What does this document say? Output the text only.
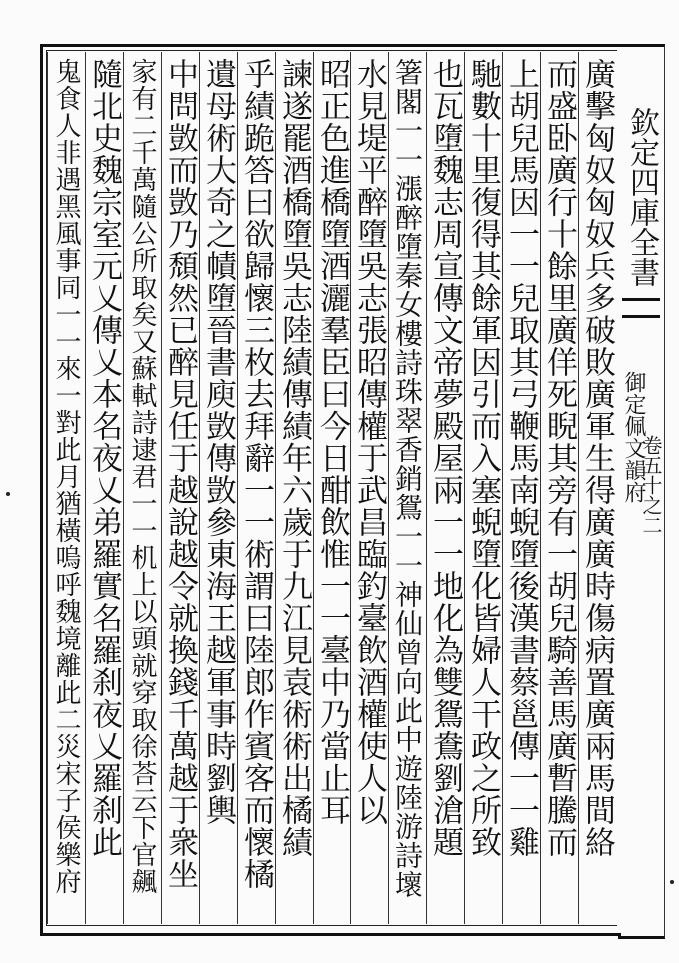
欽定四庫全書
御定佩文韻府
卷五十之二
廣擊匈奴匈奴兵多破敗廣軍生得廣廣時傷病置廣兩馬間絡
而盛卧廣行十餘里廣佯死睨其旁有一胡兒騎善馬廣暫騰而
上胡兒馬因一一兒取其弓鞭馬南蜺墮後漢書蔡邕傳一一雞
馳數十里復得其餘軍因引而入塞蜺墮化皆婦人干政之所致
也瓦墮魏志周宣傳文帝夢殿屋兩一一地化為雙鴛鴦劉滄題
箸閣一一漲醉墮秦女樓詩珠翠香銷鴛一一神仙曾向此中遊陸游詩壞
水見堤平醉墮吳志張昭傳權于武昌臨釣臺飲酒權使人以
昭正色進橋墮酒灑羣臣曰今日酣飲惟一一臺中乃當止耳
諫遂罷酒橋墮吳志陸績傳績年六歲于九江見袁術術出橘績
乎績跪答曰欲歸懷三枚去拜辭一一術謂曰陸郎作賓客而懷橘
遺母術大奇之幘墮晉書庾敳傳敳參東海王越軍事時劉輿
中問敳而敳乃頹然已醉見任于越說越令就換錢千萬越于衆坐
家有二千萬隨公所取矣又蘇軾詩逮君一一机上以頭就穿取徐荅云下官飆
隨北史魏宗室元乂傳乂本名夜乂弟羅實名羅刹夜乂羅刹此
鬼食人非遇黑風事同一一來一對此月猶橫嗚呼魏境離此二災宋子侯樂府
